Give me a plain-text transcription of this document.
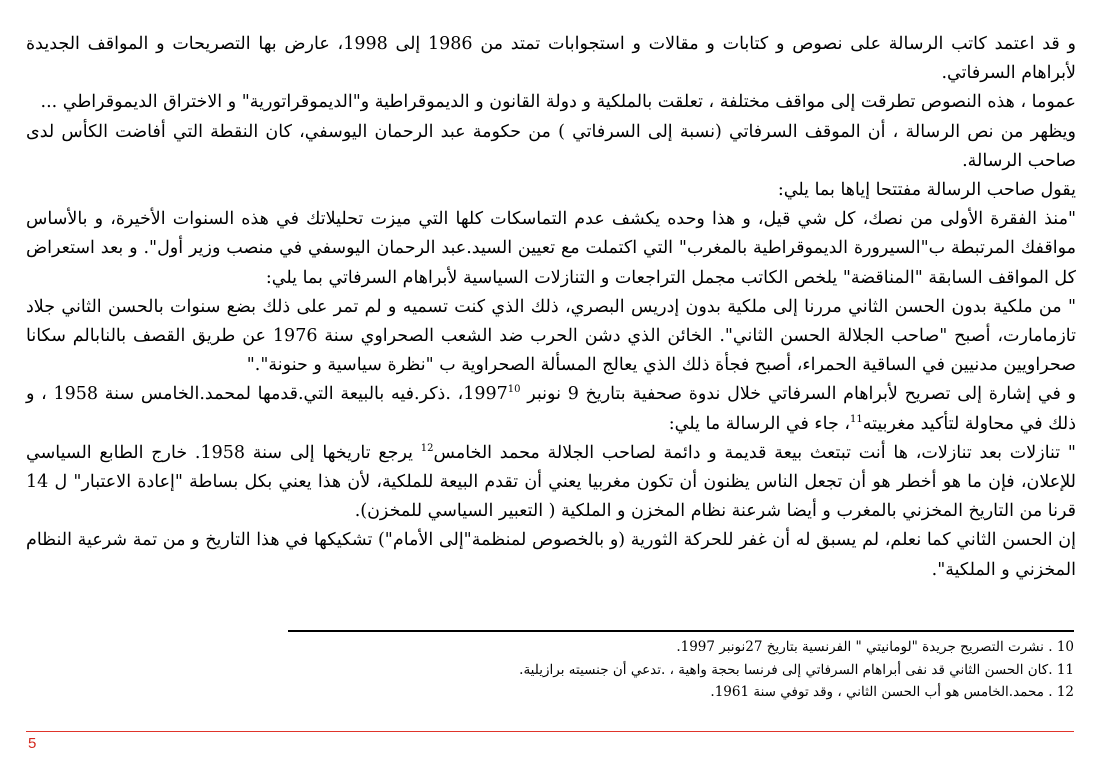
و قد اعتمد كاتب الرسالة على نصوص و كتابات و مقالات و استجوابات تمتد من 1986 إلى 1998، عارض بها التصريحات و المواقف الجديدة لأبراهام السرفاتي.

عموما ، هذه النصوص تطرقت إلى مواقف مختلفة ، تعلقت بالملكية و دولة القانون و الديموقراطية و"الديموقراتورية" و الاختراق الديموقراطي ...

ويظهر من نص الرسالة ، أن الموقف السرفاتي (نسبة إلى السرفاتي ) من حكومة عبد الرحمان اليوسفي، كان النقطة التي أفاضت الكأس لدى صاحب الرسالة.

يقول صاحب الرسالة مفتتحا إياها بما يلي:

"منذ الفقرة الأولى من نصك، كل شي قيل، و هذا وحده يكشف عدم التماسكات كلها التي ميزت تحليلاتك في هذه السنوات الأخيرة، و بالأساس مواقفك المرتبطة ب"السيرورة الديموقراطية بالمغرب" التي اكتملت مع تعيين السيد.عبد الرحمان اليوسفي في منصب وزير أول". و بعد استعراض كل المواقف السابقة "المناقضة" يلخص الكاتب مجمل التراجعات و التنازلات السياسية لأبراهام السرفاتي بما يلي:

" من ملكية بدون الحسن الثاني مررنا إلى ملكية بدون إدريس البصري، ذلك الذي كنت تسميه و لم تمر على ذلك بضع سنوات بالحسن الثاني جلاد تازمامارت، أصبح "صاحب الجلالة الحسن الثاني". الخائن الذي دشن الحرب ضد الشعب الصحراوي سنة 1976 عن طريق القصف بالنابالم سكانا صحراويين مدنيين في الساقية الحمراء، أصبح فجأة ذلك الذي يعالج المسألة الصحراوية ب "نظرة سياسية و حنونة"."

و في إشارة إلى تصريح لأبراهام السرفاتي خلال ندوة صحفية بتاريخ 9 نونبر 1997$^{10}$، .ذكر.فيه بالبيعة التي.قدمها لمحمد.الخامس سنة 1958 ، و ذلك في محاولة لتأكيد مغربيته$^{11}$، جاء في الرسالة ما يلي:

" تنازلات بعد تنازلات، ها أنت تبتعث بيعة قديمة و دائمة لصاحب الجلالة محمد الخامس$^{12}$ يرجع تاريخها إلى سنة 1958. خارج الطابع السياسي للإعلان، فإن ما هو أخطر هو أن تجعل الناس يظنون أن تكون مغربيا يعني أن تقدم البيعة للملكية، لأن هذا يعني بكل بساطة "إعادة الاعتبار" ل 14 قرنا من التاريخ المخزني بالمغرب و أيضا شرعنة نظام المخزن و الملكية ( التعبير السياسي للمخزن).

إن الحسن الثاني كما نعلم، لم يسبق له أن غفر للحركة الثورية (و بالخصوص لمنظمة"إلى الأمام") تشكيكها في هذا التاريخ و من تمة شرعية النظام المخزني و الملكية".

10 . نشرت التصريح جريدة "لومانيتي " الفرنسية بتاريخ 27نونبر 1997.

11 .كان الحسن الثاني قد نفى أبراهام السرفاتي إلى فرنسا بحجة واهية ، .تدعي أن جنسيته برازيلية.

12 . محمد.الخامس هو أب الحسن الثاني ، وقد توفي سنة 1961.

5
